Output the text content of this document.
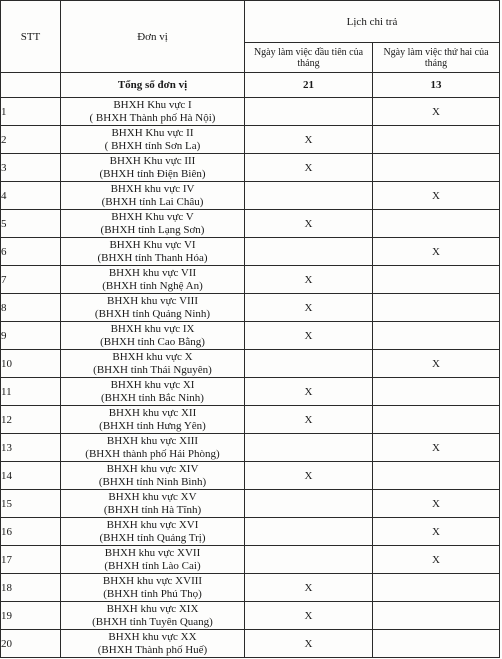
STT	Đơn vị	Lịch chi trả	
		Ngày làm việc đầu tiên của tháng	Ngày làm việc thứ hai của tháng
	Tổng số đơn vị	21	13
1	BHXH Khu vực I
( BHXH Thành phố Hà Nội)		X
2	BHXH Khu vực II
( BHXH tỉnh Sơn La)	X	
3	BHXH Khu vực III
(BHXH tỉnh Điện Biên)	X	
4	BHXH khu vực IV
(BHXH tỉnh Lai Châu)		X
5	BHXH Khu vực V
(BHXH tỉnh Lạng Sơn)	X	
6	BHXH Khu vực VI
(BHXH tỉnh Thanh Hóa)		X
7	BHXH khu vực VII
(BHXH tỉnh Nghệ An)	X	
8	BHXH khu vực VIII
(BHXH tỉnh Quảng Ninh)	X	
9	BHXH khu vực IX
(BHXH tỉnh Cao Bằng)	X	
10	BHXH khu vực X
(BHXH tỉnh Thái Nguyên)		X
11	BHXH khu vực XI
(BHXH tỉnh Bắc Ninh)	X	
12	BHXH khu vực XII
(BHXH tỉnh Hưng Yên)	X	
13	BHXH khu vực XIII
(BHXH thành phố Hải Phòng)		X
14	BHXH khu vực XIV
(BHXH tỉnh Ninh Bình)	X	
15	BHXH khu vực XV
(BHXH tỉnh Hà Tĩnh)		X
16	BHXH khu vực XVI
(BHXH tỉnh Quảng Trị)		X
17	BHXH khu vực XVII
(BHXH tỉnh Lào Cai)		X
18	BHXH khu vực XVIII
(BHXH tỉnh Phú Thọ)	X	
19	BHXH khu vực XIX
(BHXH tỉnh Tuyên Quang)	X	
20	BHXH khu vực XX
(BHXH Thành phố Huế)	X	
